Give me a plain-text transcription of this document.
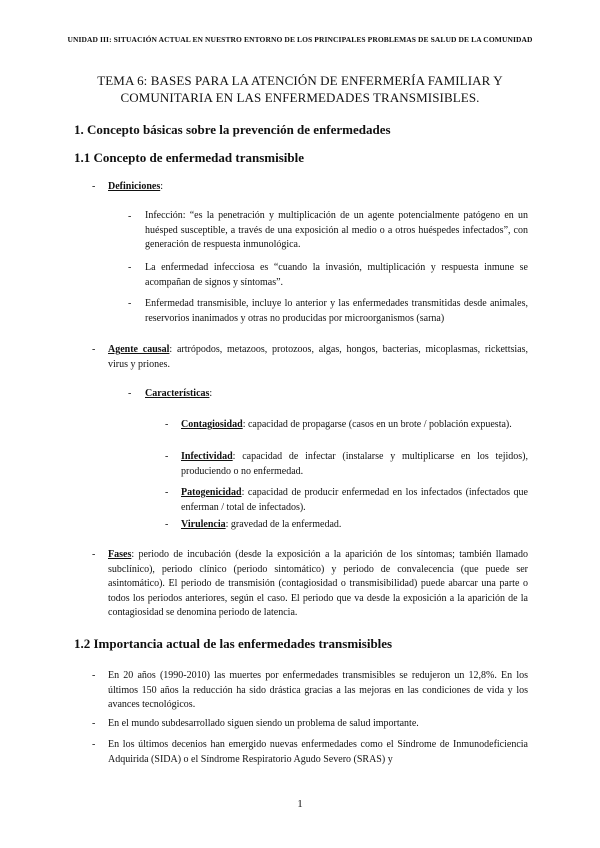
UNIDAD III: SITUACIÓN ACTUAL EN NUESTRO ENTORNO DE LOS PRINCIPALES PROBLEMAS DE SALUD DE LA COMUNIDAD
TEMA 6: BASES PARA LA ATENCIÓN DE ENFERMERÍA FAMILIAR Y
COMUNITARIA EN LAS ENFERMEDADES TRANSMISIBLES.
1. Concepto básicas sobre la prevención de enfermedades
1.1 Concepto de enfermedad transmisible
- Definiciones:
- Infección: “es la penetración y multiplicación de un agente potencialmente patógeno en un huésped susceptible, a través de una exposición al medio o a otros huéspedes infectados”, con generación de respuesta inmunológica.
- La enfermedad infecciosa es “cuando la invasión, multiplicación y respuesta inmune se acompañan de signos y síntomas”.
- Enfermedad transmisible, incluye lo anterior y las enfermedades transmitidas desde animales, reservorios inanimados y otras no producidas por microorganismos (sarna)
- Agente causal: artrópodos, metazoos, protozoos, algas, hongos, bacterias, micoplasmas, rickettsias, virus y priones.
- Características:
- Contagiosidad: capacidad de propagarse (casos en un brote / población expuesta).
- Infectividad: capacidad de infectar (instalarse y multiplicarse en los tejidos), produciendo o no enfermedad.
- Patogenicidad: capacidad de producir enfermedad en los infectados (infectados que enferman / total de infectados).
- Virulencia: gravedad de la enfermedad.
- Fases: periodo de incubación (desde la exposición a la aparición de los síntomas; también llamado subclínico), periodo clínico (periodo sintomático) y periodo de convalecencia (que puede ser asintomático). El periodo de transmisión (contagiosidad o transmisibilidad) puede abarcar una parte o todos los periodos anteriores, según el caso. El periodo que va desde la exposición a la aparición de la contagiosidad se denomina periodo de latencia.
1.2 Importancia actual de las enfermedades transmisibles
- En 20 años (1990-2010) las muertes por enfermedades transmisibles se redujeron un 12,8%. En los últimos 150 años la reducción ha sido drástica gracias a las mejoras en las condiciones de vida y los avances tecnológicos.
- En el mundo subdesarrollado siguen siendo un problema de salud importante.
- En los últimos decenios han emergido nuevas enfermedades como el Síndrome de Inmunodeficiencia Adquirida (SIDA) o el Síndrome Respiratorio Agudo Severo (SRAS) y
1
